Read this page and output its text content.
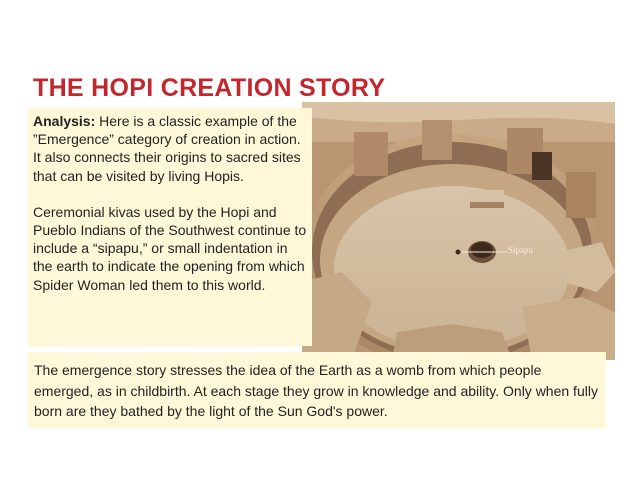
THE HOPI CREATION STORY
Sipapu

Analysis: Here is a classic example of the ”Emergence” category of creation in action. It also connects their origins to sacred sites that can be visited by living Hopis.

Ceremonial kivas used by the Hopi and Pueblo Indians of the Southwest continue to include a “sipapu,” or small indentation in the earth to indicate the opening from which Spider Woman led them to this world.

The emergence story stresses the idea of the Earth as a womb from which people emerged, as in childbirth. At each stage they grow in knowledge and ability. Only when fully born are they bathed by the light of the Sun God's power.
